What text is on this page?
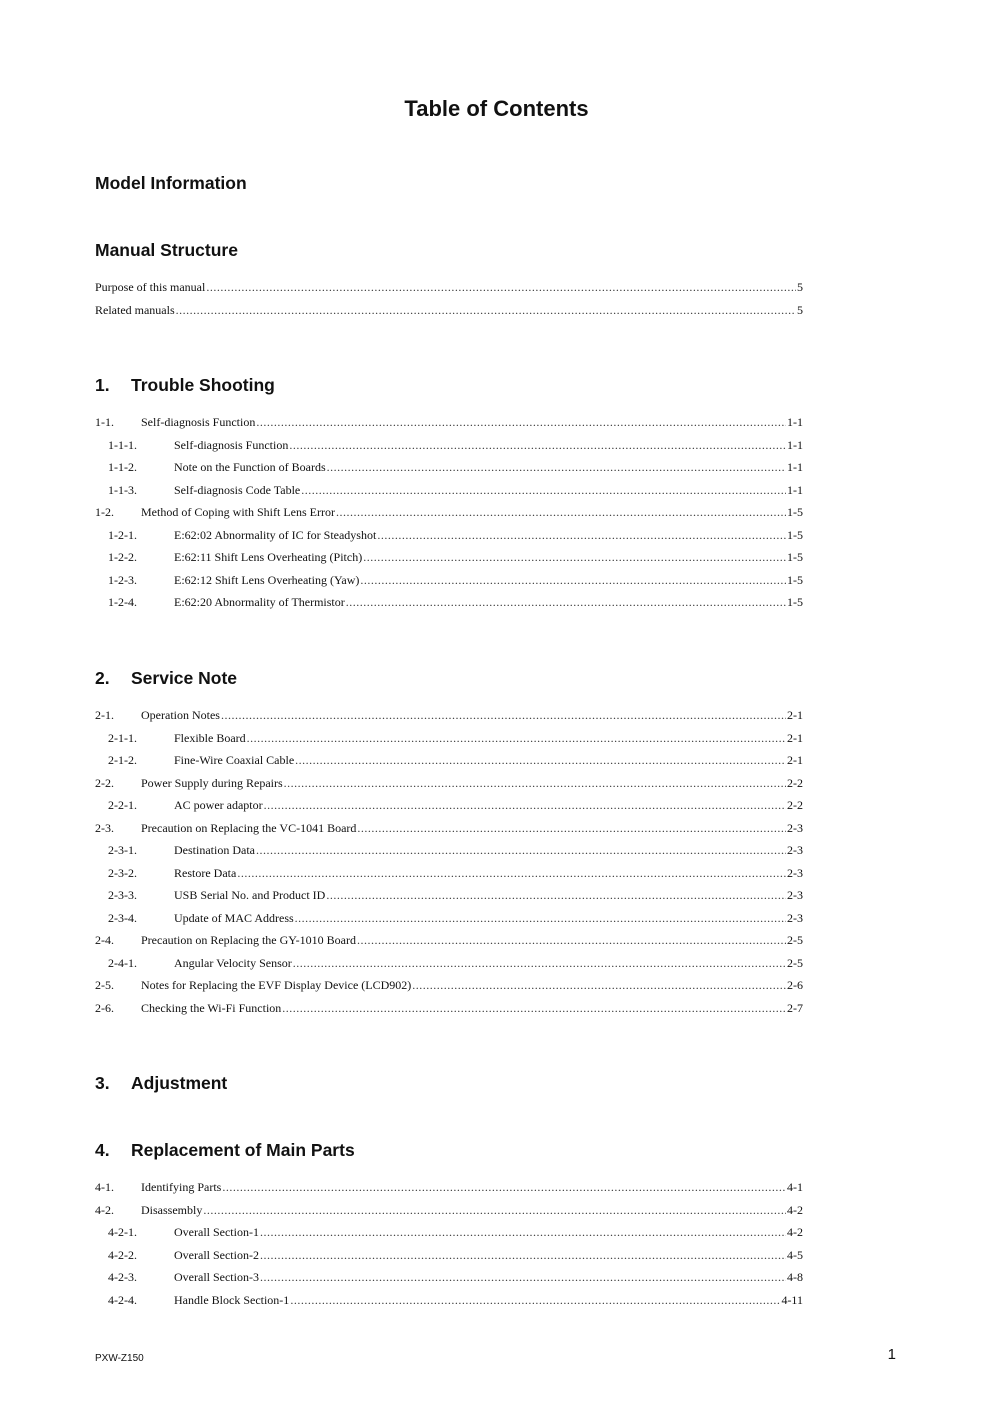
Table of Contents
Model Information
Manual Structure
Purpose of this manual .....	5
Related manuals .....	5
1.	Trouble Shooting
1-1.	Self-diagnosis Function .....	1-1
1-1-1.	Self-diagnosis Function .....	1-1
1-1-2.	Note on the Function of Boards .....	1-1
1-1-3.	Self-diagnosis Code Table .....	1-1
1-2.	Method of Coping with Shift Lens Error .....	1-5
1-2-1.	E:62:02 Abnormality of IC for Steadyshot .....	1-5
1-2-2.	E:62:11 Shift Lens Overheating (Pitch) .....	1-5
1-2-3.	E:62:12 Shift Lens Overheating (Yaw) .....	1-5
1-2-4.	E:62:20 Abnormality of Thermistor .....	1-5
2.	Service Note
2-1.	Operation Notes .....	2-1
2-1-1.	Flexible Board .....	2-1
2-1-2.	Fine-Wire Coaxial Cable .....	2-1
2-2.	Power Supply during Repairs .....	2-2
2-2-1.	AC power adaptor .....	2-2
2-3.	Precaution on Replacing the VC-1041 Board .....	2-3
2-3-1.	Destination Data .....	2-3
2-3-2.	Restore Data .....	2-3
2-3-3.	USB Serial No. and Product ID .....	2-3
2-3-4.	Update of MAC Address .....	2-3
2-4.	Precaution on Replacing the GY-1010 Board .....	2-5
2-4-1.	Angular Velocity Sensor .....	2-5
2-5.	Notes for Replacing the EVF Display Device (LCD902) .....	2-6
2-6.	Checking the Wi-Fi Function .....	2-7
3.	Adjustment
4.	Replacement of Main Parts
4-1.	Identifying Parts .....	4-1
4-2.	Disassembly .....	4-2
4-2-1.	Overall Section-1 .....	4-2
4-2-2.	Overall Section-2 .....	4-5
4-2-3.	Overall Section-3 .....	4-8
4-2-4.	Handle Block Section-1 .....	4-11
PXW-Z150	1
